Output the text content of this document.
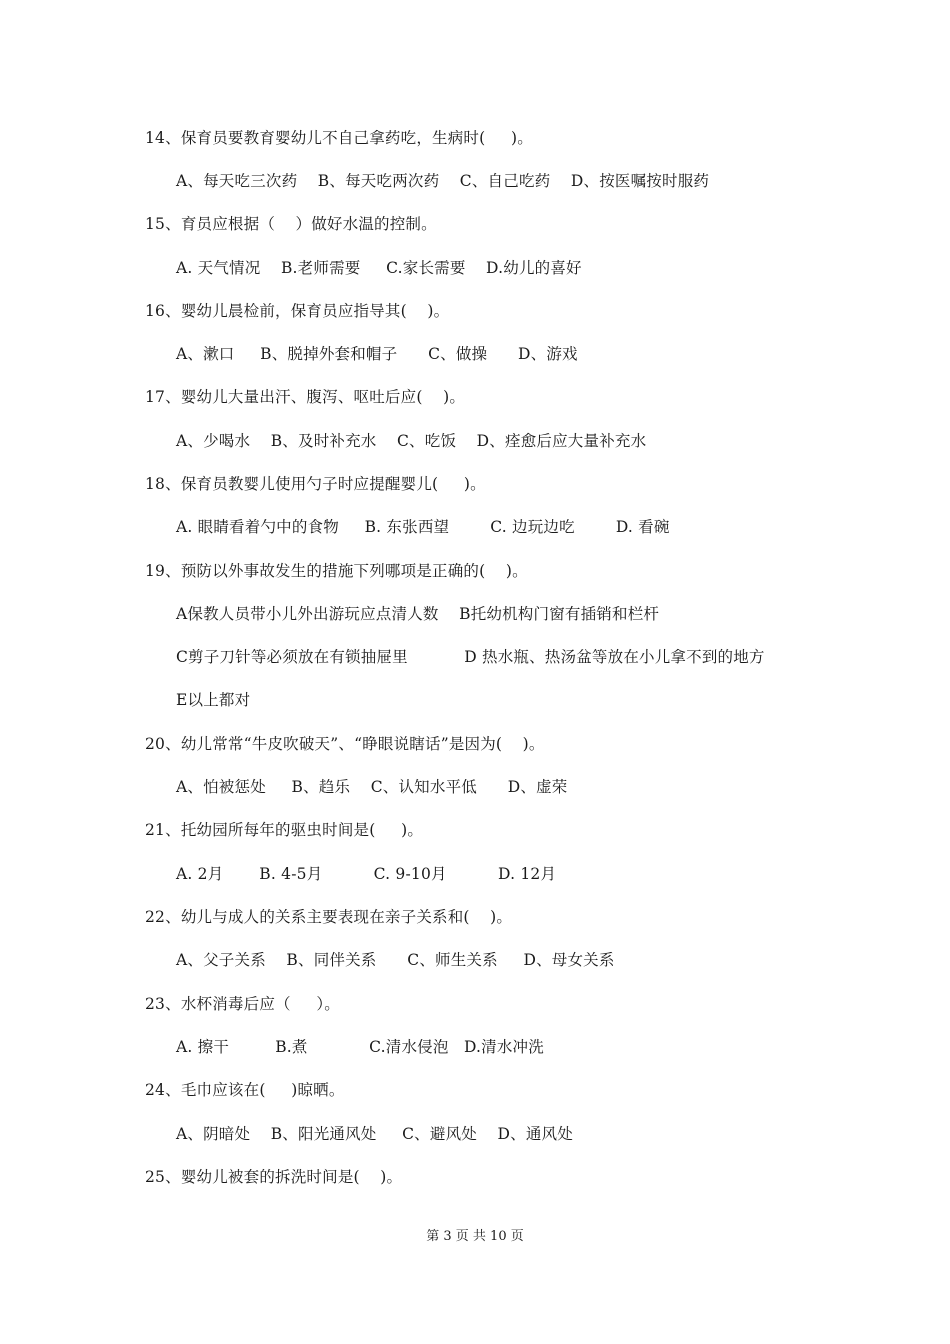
14、保育员要教育婴幼儿不自己拿药吃，生病时(     )。
A、每天吃三次药    B、每天吃两次药    C、自己吃药    D、按医嘱按时服药
15、育员应根据（    ）做好水温的控制。
A. 天气情况    B.老师需要     C.家长需要    D.幼儿的喜好
16、婴幼儿晨检前，保育员应指导其(    )。
A、漱口     B、脱掉外套和帽子      C、做操      D、游戏
17、婴幼儿大量出汗、腹泻、呕吐后应(    )。
A、少喝水    B、及时补充水    C、吃饭    D、痊愈后应大量补充水
18、保育员教婴儿使用勺子时应提醒婴儿(     )。
A. 眼睛看着勺中的食物     B. 东张西望        C. 边玩边吃        D. 看碗
19、预防以外事故发生的措施下列哪项是正确的(    )。
A保教人员带小儿外出游玩应点清人数    B托幼机构门窗有插销和栏杆
C剪子刀针等必须放在有锁抽屉里           D 热水瓶、热汤盆等放在小儿拿不到的地方
E以上都对
20、幼儿常常“牛皮吹破天”、“睁眼说瞎话”是因为(    )。
A、怕被惩处     B、趋乐    C、认知水平低      D、虚荣
21、托幼园所每年的驱虫时间是(     )。
A. 2月       B. 4-5月          C. 9-10月          D. 12月
22、幼儿与成人的关系主要表现在亲子关系和(    )。
A、父子关系    B、同伴关系      C、师生关系     D、母女关系
23、水杯消毒后应（     ）。
A. 擦干         B.煮            C.清水侵泡   D.清水冲洗
24、毛巾应该在(     )晾晒。
A、阴暗处    B、阳光通风处     C、避风处    D、通风处
25、婴幼儿被套的拆洗时间是(    )。
第 3 页 共 10 页
